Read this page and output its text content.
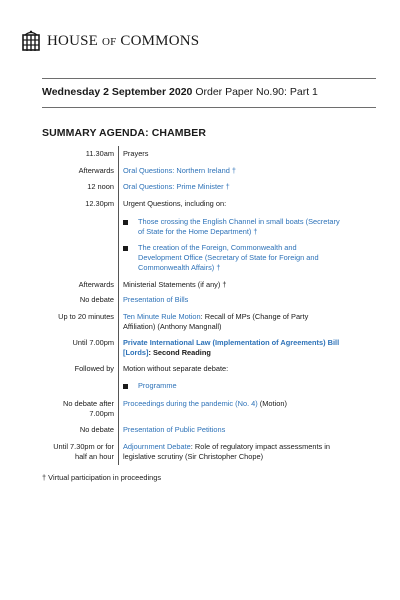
HOUSE OF COMMONS
Wednesday 2 September 2020 Order Paper No.90: Part 1
SUMMARY AGENDA: CHAMBER
11.30am Prayers
Afterwards Oral Questions: Northern Ireland †
12 noon Oral Questions: Prime Minister †
12.30pm Urgent Questions, including on:
Those crossing the English Channel in small boats (Secretary
of State for the Home Department) †
The creation of the Foreign, Commonwealth and
Development Office (Secretary of State for Foreign and
Commonwealth Affairs) †
Afterwards Ministerial Statements (if any) †
No debate Presentation of Bills
Up to 20 minutes Ten Minute Rule Motion: Recall of MPs (Change of Party
Affiliation) (Anthony Mangnall)
Until 7.00pm Private International Law (Implementation of Agreements) Bill
[Lords]: Second Reading
Followed by Motion without separate debate:
Programme
No debate after
7.00pm
Proceedings during the pandemic (No. 4) (Motion)
No debate Presentation of Public Petitions
Until 7.30pm or for
half an hour
Adjournment Debate: Role of regulatory impact assessments in
legislative scrutiny (Sir Christopher Chope)
† Virtual participation in proceedings
